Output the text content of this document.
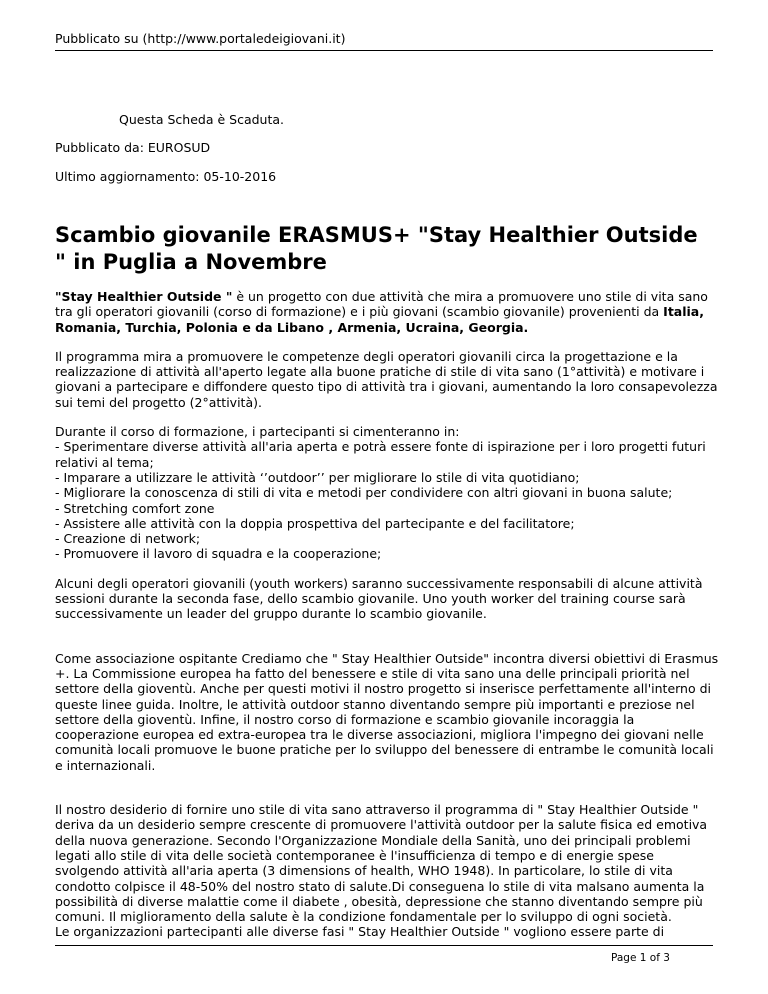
Pubblicato su (http://www.portaledeigiovani.it)
Questa Scheda è Scaduta.
Pubblicato da: EUROSUD
Ultimo aggiornamento: 05-10-2016
Scambio giovanile ERASMUS+ "Stay Healthier Outside " in Puglia a Novembre

"Stay Healthier Outside " è un progetto con due attività che mira a promuovere uno stile di vita sano tra gli operatori giovanili (corso di formazione) e i più giovani (scambio giovanile) provenienti da Italia, Romania, Turchia, Polonia e da Libano , Armenia, Ucraina, Georgia.

Il programma mira a promuovere le competenze degli operatori giovanili circa la progettazione e la realizzazione di attività all'aperto legate alla buone pratiche di stile di vita sano (1°attività) e motivare i giovani a partecipare e diffondere questo tipo di attività tra i giovani, aumentando la loro consapevolezza sui temi del progetto (2°attività).

Durante il corso di formazione, i partecipanti si cimenteranno in:

- Sperimentare diverse attività all'aria aperta e potrà essere fonte di ispirazione per i loro progetti futuri relativi al tema;

- Imparare a utilizzare le attività ‘’outdoor’’ per migliorare lo stile di vita quotidiano;

- Migliorare la conoscenza di stili di vita e metodi per condividere con altri giovani in buona salute;

- Stretching comfort zone

- Assistere alle attività con la doppia prospettiva del partecipante e del facilitatore;

- Creazione di network;

- Promuovere il lavoro di squadra e la cooperazione;

Alcuni degli operatori giovanili (youth workers) saranno successivamente responsabili di alcune attività sessioni durante la seconda fase, dello scambio giovanile. Uno youth worker del training course sarà successivamente un leader del gruppo durante lo scambio giovanile.

Come associazione ospitante Crediamo che " Stay Healthier Outside" incontra diversi obiettivi di Erasmus +. La Commissione europea ha fatto del benessere e stile di vita sano una delle principali priorità nel settore della gioventù. Anche per questi motivi il nostro progetto si inserisce perfettamente all'interno di queste linee guida. Inoltre, le attività outdoor stanno diventando sempre più importanti e preziose nel settore della gioventù. Infine, il nostro corso di formazione e scambio giovanile incoraggia la cooperazione europea ed extra-europea tra le diverse associazioni, migliora l'impegno dei giovani nelle comunità locali promuove le buone pratiche per lo sviluppo del benessere di entrambe le comunità locali e internazionali.

Il nostro desiderio di fornire uno stile di vita sano attraverso il programma di " Stay Healthier Outside " deriva da un desiderio sempre crescente di promuovere l'attività outdoor per la salute fisica ed emotiva della nuova generazione. Secondo l'Organizzazione Mondiale della Sanità, uno dei principali problemi legati allo stile di vita delle società contemporanee è l'insufficienza di tempo e di energie spese svolgendo attività all'aria aperta (3 dimensions of health, WHO 1948). In particolare, lo stile di vita condotto colpisce il 48-50% del nostro stato di salute.Di conseguena lo stile di vita malsano aumenta la possibilità di diverse malattie come il diabete , obesità, depressione che stanno diventando sempre più comuni. Il miglioramento della salute è la condizione fondamentale per lo sviluppo di ogni società.

Le organizzazioni partecipanti alle diverse fasi " Stay Healthier Outside " vogliono essere parte di

Page 1 of 3
